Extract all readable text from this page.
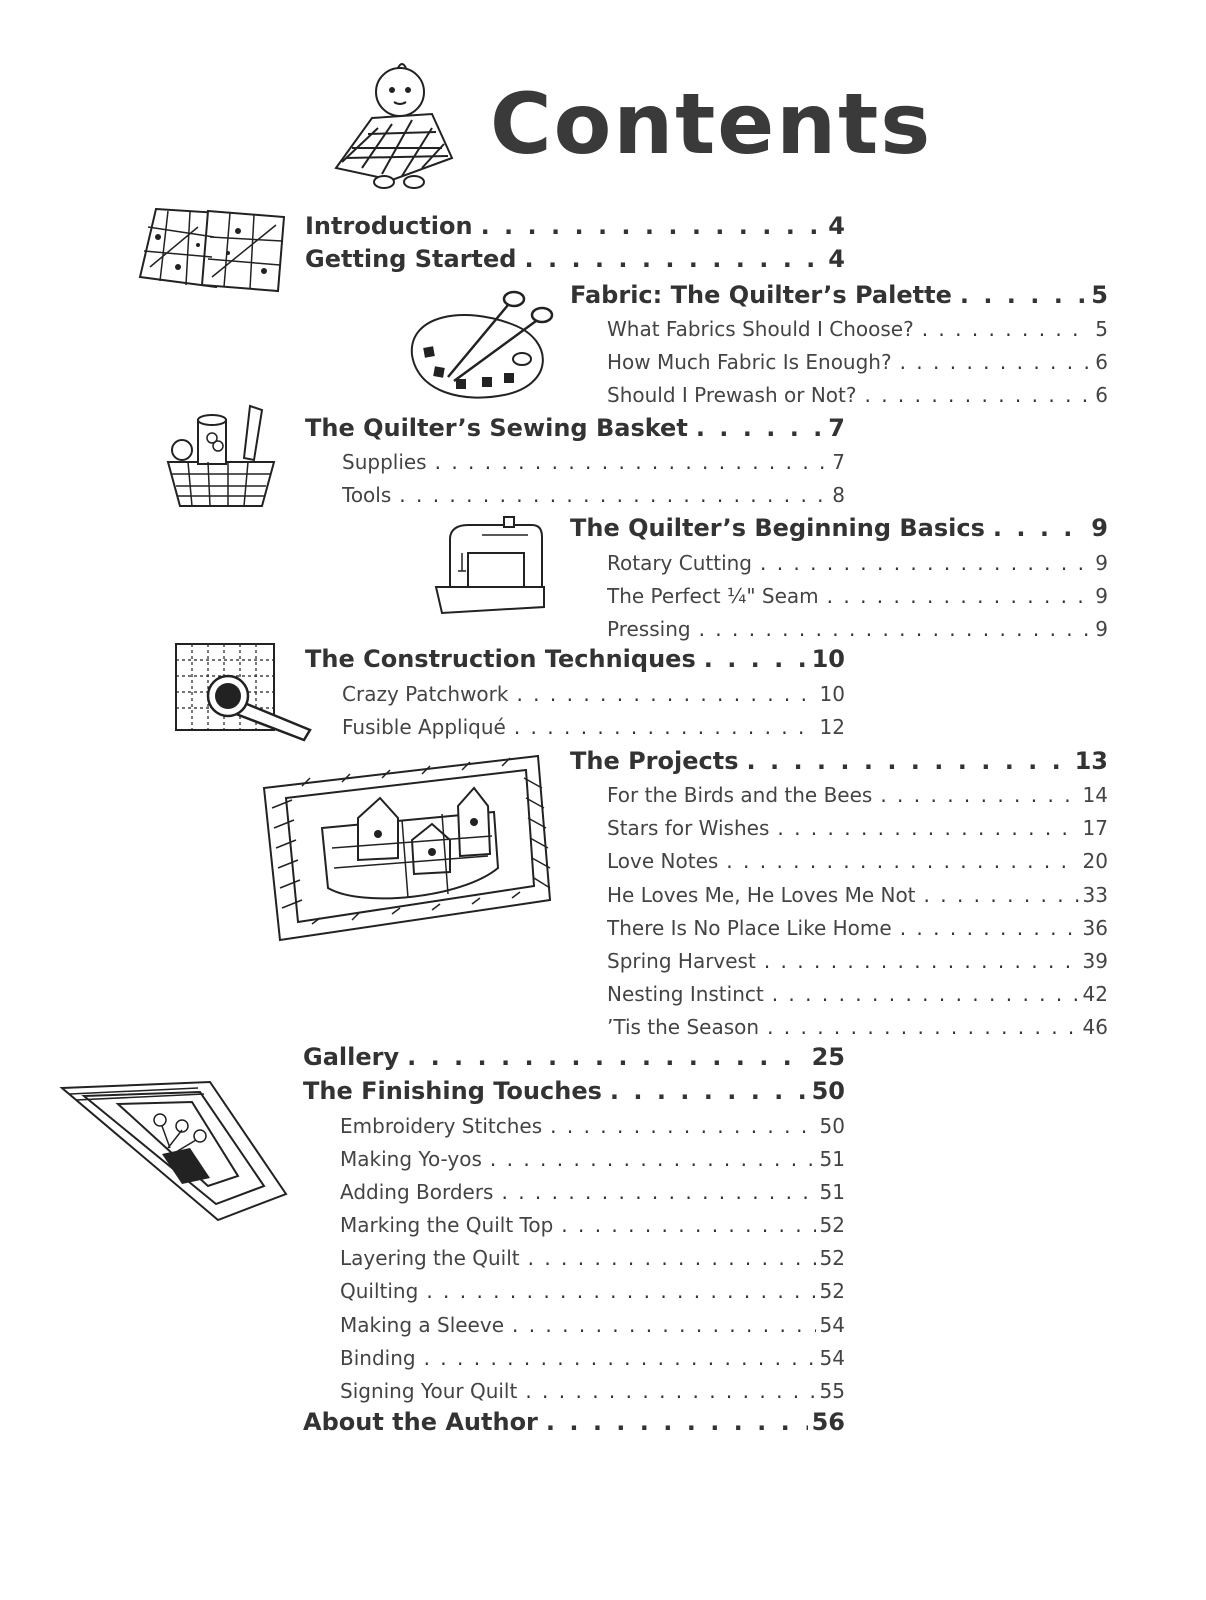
Contents
Introduction . . .	4
Getting Started . . .	4
Fabric: The Quilter’s Palette . . .	5
What Fabrics Should I Choose? . . .	5
How Much Fabric Is Enough? . . .	6
Should I Prewash or Not? . . .	6
The Quilter’s Sewing Basket . . .	7
Supplies . . .	7
Tools . . .	8
The Quilter’s Beginning Basics . . .	9
Rotary Cutting . . .	9
The Perfect ¼" Seam . . .	9
Pressing . . .	9
The Construction Techniques . . .	10
Crazy Patchwork . . .	10
Fusible Appliqué . . .	12
The Projects . . .	13
For the Birds and the Bees . . .	14
Stars for Wishes . . .	17
Love Notes . . .	20
He Loves Me, He Loves Me Not . . .	33
There Is No Place Like Home . . .	36
Spring Harvest . . .	39
Nesting Instinct . . .	42
’Tis the Season . . .	46
Gallery . . .	25
The Finishing Touches . . .	50
Embroidery Stitches . . .	50
Making Yo-yos . . .	51
Adding Borders . . .	51
Marking the Quilt Top . . .	52
Layering the Quilt . . .	52
Quilting . . .	52
Making a Sleeve . . .	54
Binding . . .	54
Signing Your Quilt . . .	55
About the Author . . .	56
